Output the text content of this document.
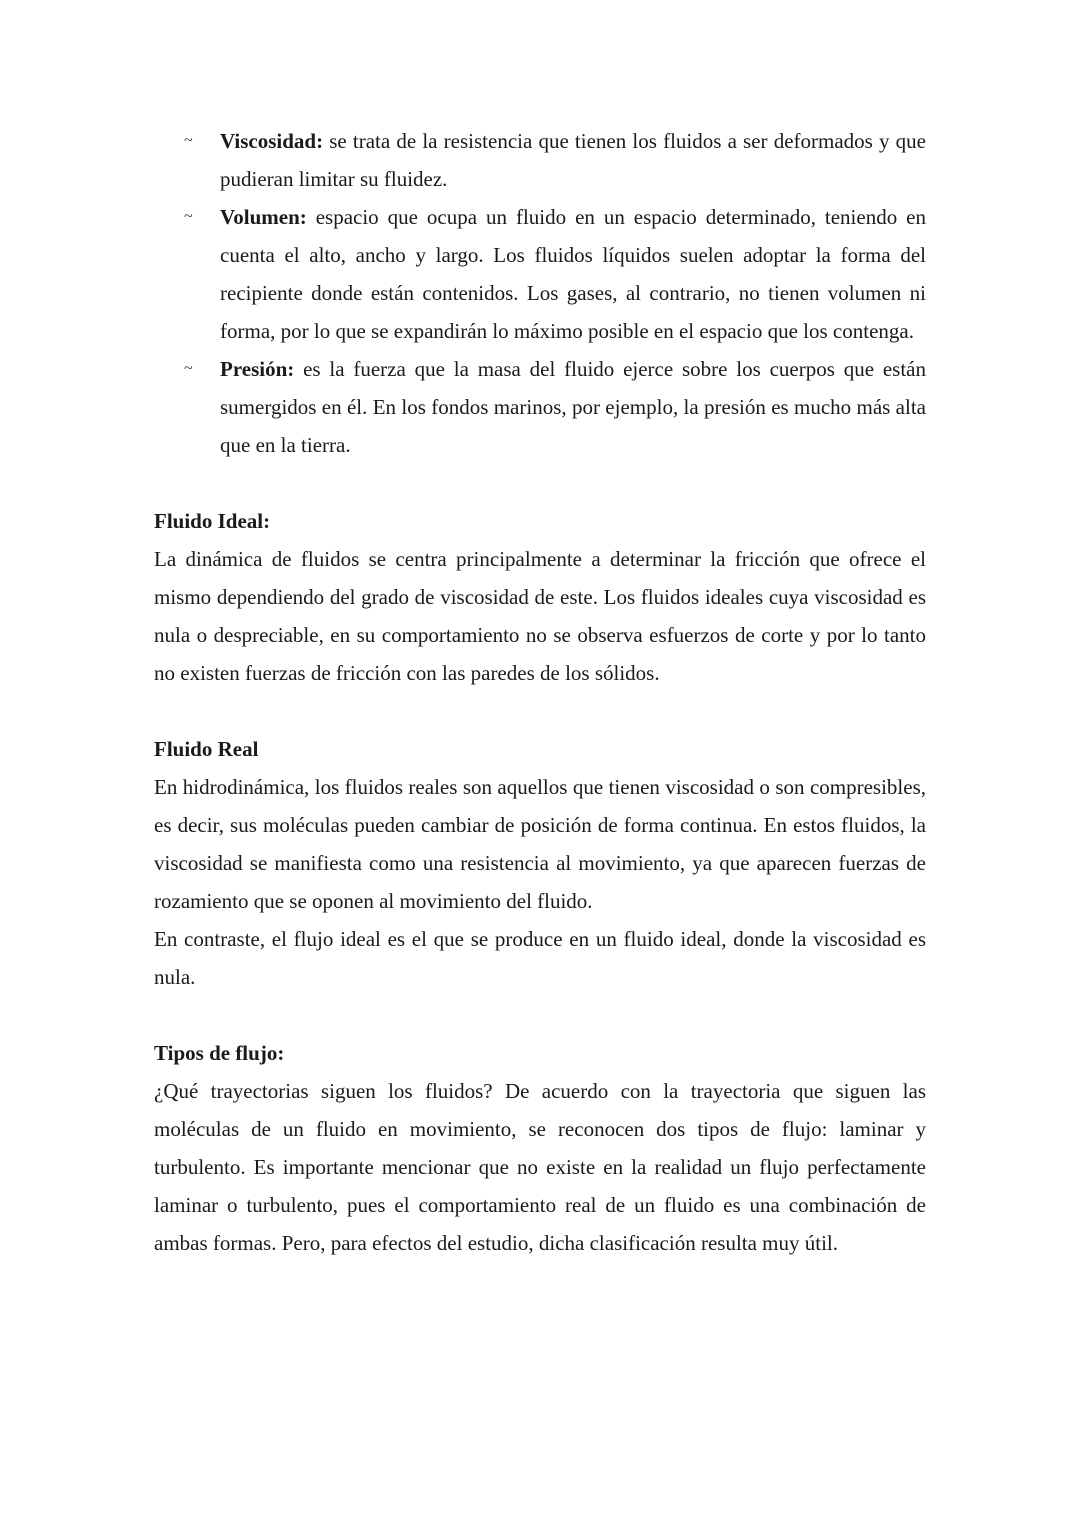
~ Viscosidad: se trata de la resistencia que tienen los fluidos a ser deformados y que pudieran limitar su fluidez.
~ Volumen: espacio que ocupa un fluido en un espacio determinado, teniendo en cuenta el alto, ancho y largo. Los fluidos líquidos suelen adoptar la forma del recipiente donde están contenidos. Los gases, al contrario, no tienen volumen ni forma, por lo que se expandirán lo máximo posible en el espacio que los contenga.
~ Presión: es la fuerza que la masa del fluido ejerce sobre los cuerpos que están sumergidos en él. En los fondos marinos, por ejemplo, la presión es mucho más alta que en la tierra.

Fluido Ideal:

La dinámica de fluidos se centra principalmente a determinar la fricción que ofrece el mismo dependiendo del grado de viscosidad de este. Los fluidos ideales cuya viscosidad es nula o despreciable, en su comportamiento no se observa esfuerzos de corte y por lo tanto no existen fuerzas de fricción con las paredes de los sólidos.

Fluido Real

En hidrodinámica, los fluidos reales son aquellos que tienen viscosidad o son compresibles, es decir, sus moléculas pueden cambiar de posición de forma continua. En estos fluidos, la viscosidad se manifiesta como una resistencia al movimiento, ya que aparecen fuerzas de rozamiento que se oponen al movimiento del fluido.

En contraste, el flujo ideal es el que se produce en un fluido ideal, donde la viscosidad es nula.

Tipos de flujo:

¿Qué trayectorias siguen los fluidos? De acuerdo con la trayectoria que siguen las moléculas de un fluido en movimiento, se reconocen dos tipos de flujo: laminar y turbulento. Es importante mencionar que no existe en la realidad un flujo perfectamente laminar o turbulento, pues el comportamiento real de un fluido es una combinación de ambas formas. Pero, para efectos del estudio, dicha clasificación resulta muy útil.
